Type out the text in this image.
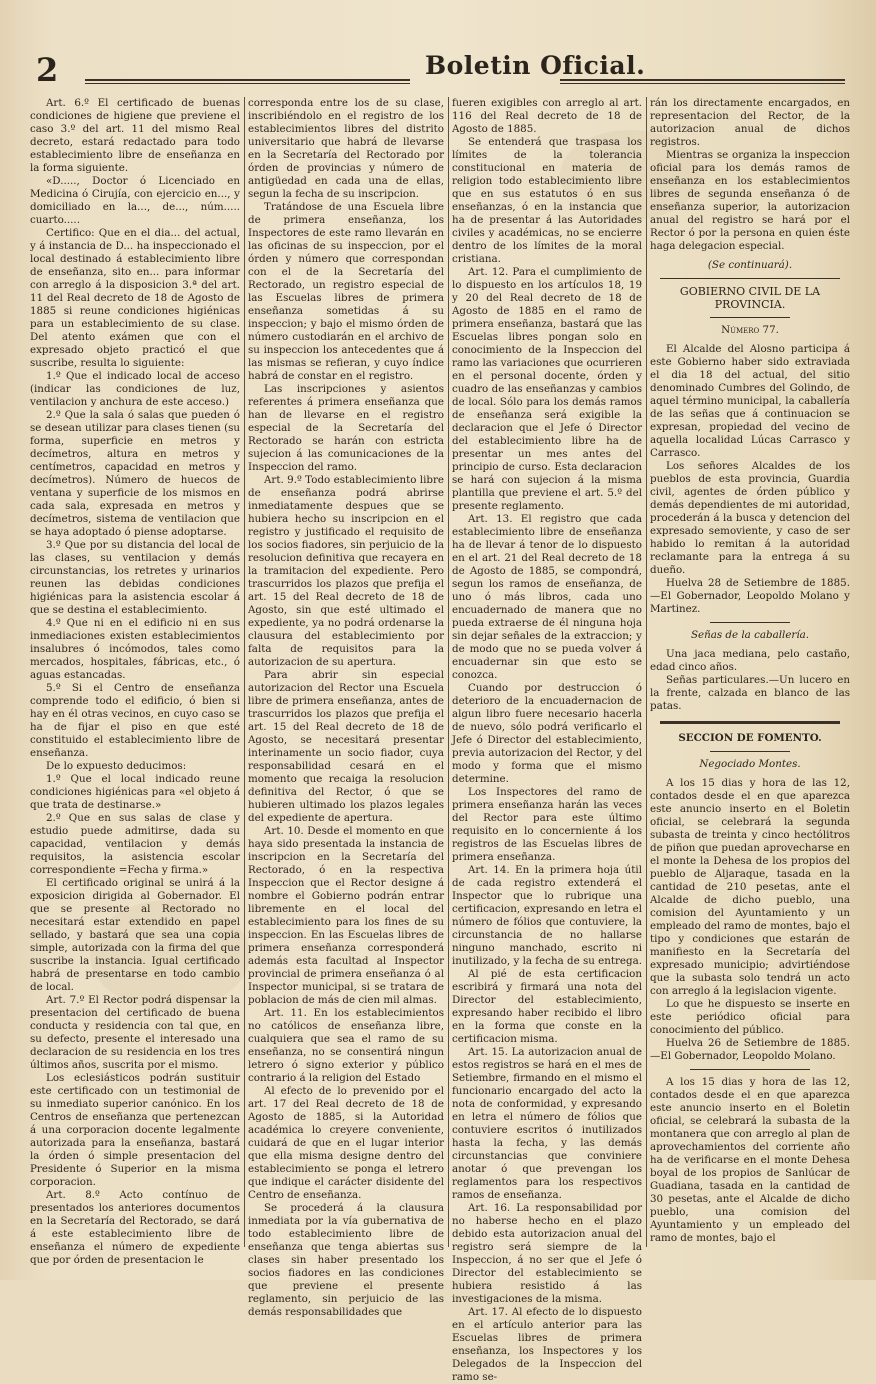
2	Boletin Oficial.

Art. 6.º El certificado de buenas condiciones de higiene que previene el caso 3.º del art. 11 del mismo Real decreto, estará redactado para todo establecimiento libre de enseñanza en la forma siguiente.

«D....., Doctor ó Licenciado en Medicina ó Cirujía, con ejercicio en..., y domiciliado en la..., de..., núm..... cuarto.....

Certifico: Que en el dia... del actual, y á instancia de D... ha inspeccionado el local destinado á establecimiento libre de enseñanza, sito en... para informar con arreglo á la disposicion 3.ª del art. 11 del Real decreto de 18 de Agosto de 1885 si reune condiciones higiénicas para un establecimiento de su clase. Del atento exámen que con el expresado objeto practicó el que suscribe, resulta lo siguiente:

1.º Que el indicado local de acceso (indicar las condiciones de luz, ventilacion y anchura de este acceso.)

2.º Que la sala ó salas que pueden ó se desean utilizar para clases tienen (su forma, superficie en metros y decímetros, altura en metros y centímetros, capacidad en metros y decímetros). Número de huecos de ventana y superficie de los mismos en cada sala, expresada en metros y decímetros, sistema de ventilacion que se haya adoptado ó piense adoptarse.

3.º Que por su distancia del local de las clases, su ventilacion y demás circunstancias, los retretes y urinarios reunen las debidas condiciones higiénicas para la asistencia escolar á que se destina el establecimiento.

4.º Que ni en el edificio ni en sus inmediaciones existen establecimientos insalubres ó incómodos, tales como mercados, hospitales, fábricas, etc., ó aguas estancadas.

5.º Si el Centro de enseñanza comprende todo el edificio, ó bien si hay en él otras vecinos, en cuyo caso se ha de fijar el piso en que esté constituido el establecimiento libre de enseñanza.

De lo expuesto deducimos:

1.º Que el local indicado reune condiciones higiénicas para «el objeto á que trata de destinarse.»

2.º Que en sus salas de clase y estudio puede admitirse, dada su capacidad, ventilacion y demás requisitos, la asistencia escolar correspondiente =Fecha y firma.»

El certificado original se unirá á la exposicion dirigida al Gobernador. El que se presente al Rectorado no necesitará estar extendido en papel sellado, y bastará que sea una copia simple, autorizada con la firma del que suscribe la instancia. Igual certificado habrá de presentarse en todo cambio de local.

Art. 7.º El Rector podrá dispensar la presentacion del certificado de buena conducta y residencia con tal que, en su defecto, presente el interesado una declaracion de su residencia en los tres últimos años, suscrita por el mismo.

Los eclesiásticos podrán sustituir este certificado con un testimonial de su inmediato superior canónico. En los Centros de enseñanza que pertenezcan á una corporacion docente legalmente autorizada para la enseñanza, bastará la órden ó simple presentacion del Presidente ó Superior en la misma corporacion.

Art. 8.º Acto contínuo de presentados los anteriores documentos en la Secretaría del Rectorado, se dará á este establecimiento libre de enseñanza el número de expediente que por órden de presentacion le

corresponda entre los de su clase, inscribiéndolo en el registro de los establecimientos libres del distrito universitario que habrá de llevarse en la Secretaría del Rectorado por órden de provincias y número de antigüedad en cada una de ellas, segun la fecha de su inscripcion.

Tratándose de una Escuela libre de primera enseñanza, los Inspectores de este ramo llevarán en las oficinas de su inspeccion, por el órden y número que correspondan con el de la Secretaría del Rectorado, un registro especial de las Escuelas libres de primera enseñanza sometidas á su inspeccion; y bajo el mismo órden de número custodiarán en el archivo de su inspeccion los antecedentes que á las mismas se refieran, y cuyo índice habrá de constar en el registro.

Las inscripciones y asientos referentes á primera enseñanza que han de llevarse en el registro especial de la Secretaría del Rectorado se harán con estricta sujecion á las comunicaciones de la Inspeccion del ramo.

Art. 9.º Todo establecimiento libre de enseñanza podrá abrirse inmediatamente despues que se hubiera hecho su inscripcion en el registro y justificado el requisito de los socios fiadores, sin perjuicio de la resolucion definitiva que recayera en la tramitacion del expediente. Pero trascurridos los plazos que prefija el art. 15 del Real decreto de 18 de Agosto, sin que esté ultimado el expediente, ya no podrá ordenarse la clausura del establecimiento por falta de requisitos para la autorizacion de su apertura.

Para abrir sin especial autorizacion del Rector una Escuela libre de primera enseñanza, antes de trascurridos los plazos que prefija el art. 15 del Real decreto de 18 de Agosto, se necesitará presentar interinamente un socio fiador, cuya responsabilidad cesará en el momento que recaiga la resolucion definitiva del Rector, ó que se hubieren ultimado los plazos legales del expediente de apertura.

Art. 10. Desde el momento en que haya sido presentada la instancia de inscripcion en la Secretaría del Rectorado, ó en la respectiva Inspeccion que el Rector designe á nombre el Gobierno podrán entrar libremente en el local del establecimiento para los fines de su inspeccion. En las Escuelas libres de primera enseñanza corresponderá además esta facultad al Inspector provincial de primera enseñanza ó al Inspector municipal, si se tratara de poblacion de más de cien mil almas.

Art. 11. En los establecimientos no católicos de enseñanza libre, cualquiera que sea el ramo de su enseñanza, no se consentirá ningun letrero ó signo exterior y público contrario á la religion del Estado

Al efecto de lo prevenido por el art. 17 del Real decreto de 18 de Agosto de 1885, si la Autoridad académica lo creyere conveniente, cuidará de que en el lugar interior que ella misma designe dentro del establecimiento se ponga el letrero que indique el carácter disidente del Centro de enseñanza.

Se procederá á la clausura inmediata por la vía gubernativa de todo establecimiento libre de enseñanza que tenga abiertas sus clases sin haber presentado los socios fiadores en las condiciones que previene el presente reglamento, sin perjuicio de las demás responsabilidades que

fueren exigibles con arreglo al art. 116 del Real decreto de 18 de Agosto de 1885.

Se entenderá que traspasa los límites de la tolerancia constitucional en materia de religion todo establecimiento libre que en sus estatutos ó en sus enseñanzas, ó en la instancia que ha de presentar á las Autoridades civiles y académicas, no se encierre dentro de los límites de la moral cristiana.

Art. 12. Para el cumplimiento de lo dispuesto en los artículos 18, 19 y 20 del Real decreto de 18 de Agosto de 1885 en el ramo de primera enseñanza, bastará que las Escuelas libres pongan solo en conocimiento de la Inspeccion del ramo las variaciones que ocurrieren en el personal docente, órden y cuadro de las enseñanzas y cambios de local. Sólo para los demás ramos de enseñanza será exigible la declaracion que el Jefe ó Director del establecimiento libre ha de presentar un mes antes del principio de curso. Esta declaracion se hará con sujecion á la misma plantilla que previene el art. 5.º del presente reglamento.

Art. 13. El registro que cada establecimiento libre de enseñanza ha de llevar á tenor de lo dispuesto en el art. 21 del Real decreto de 18 de Agosto de 1885, se compondrá, segun los ramos de enseñanza, de uno ó más libros, cada uno encuadernado de manera que no pueda extraerse de él ninguna hoja sin dejar señales de la extraccion; y de modo que no se pueda volver á encuadernar sin que esto se conozca.

Cuando por destruccion ó deterioro de la encuadernacion de algun libro fuere necesario hacerla de nuevo, sólo podrá verificarlo el Jefe ó Director del establecimiento, previa autorizacion del Rector, y del modo y forma que el mismo determine.

Los Inspectores del ramo de primera enseñanza harán las veces del Rector para este último requisito en lo concerniente á los registros de las Escuelas libres de primera enseñanza.

Art. 14. En la primera hoja útil de cada registro extenderá el Inspector que lo rubrique una certificacion, expresando en letra el número de fólios que contuviere, la circunstancia de no hallarse ninguno manchado, escrito ni inutilizado, y la fecha de su entrega.

Al pié de esta certificacion escribirá y firmará una nota del Director del establecimiento, expresando haber recibido el libro en la forma que conste en la certificacion misma.

Art. 15. La autorizacion anual de estos registros se hará en el mes de Setiembre, firmando en el mismo el funcionario encargado del acto la nota de conformidad, y expresando en letra el número de fólios que contuviere escritos ó inutilizados hasta la fecha, y las demás circunstancias que conviniere anotar ó que prevengan los reglamentos para los respectivos ramos de enseñanza.

Art. 16. La responsabilidad por no haberse hecho en el plazo debido esta autorizacion anual del registro será siempre de la Inspeccion, á no ser que el Jefe ó Director del establecimiento se hubiera resistido á las investigaciones de la misma.

Art. 17. Al efecto de lo dispuesto en el artículo anterior para las Escuelas libres de primera enseñanza, los Inspectores y los Delegados de la Inspeccion del ramo se-

rán los directamente encargados, en representacion del Rector, de la autorizacion anual de dichos registros.

Mientras se organiza la inspeccion oficial para los demás ramos de enseñanza en los establecimientos libres de segunda enseñanza ó de enseñanza superior, la autorizacion anual del registro se hará por el Rector ó por la persona en quien éste haga delegacion especial.

(Se continuará).

GOBIERNO CIVIL DE LA PROVINCIA.

Número 77.

El Alcalde del Alosno participa á este Gobierno haber sido extraviada el dia 18 del actual, del sitio denominado Cumbres del Golindo, de aquel término municipal, la caballería de las señas que á continuacion se expresan, propiedad del vecino de aquella localidad Lúcas Carrasco y Carrasco.

Los señores Alcaldes de los pueblos de esta provincia, Guardia civil, agentes de órden público y demás dependientes de mi autoridad, procederán á la busca y detencion del expresado semoviente, y caso de ser habido lo remitan á la autoridad reclamante para la entrega á su dueño.

Huelva 28 de Setiembre de 1885. —El Gobernador, Leopoldo Molano y Martinez.

Señas de la caballería.

Una jaca mediana, pelo castaño, edad cinco años.

Señas particulares.—Un lucero en la frente, calzada en blanco de las patas.

SECCION DE FOMENTO.

Negociado Montes.

A los 15 dias y hora de las 12, contados desde el en que aparezca este anuncio inserto en el Boletin oficial, se celebrará la segunda subasta de treinta y cinco hectólitros de piñon que puedan aprovecharse en el monte la Dehesa de los propios del pueblo de Aljaraque, tasada en la cantidad de 210 pesetas, ante el Alcalde de dicho pueblo, una comision del Ayuntamiento y un empleado del ramo de montes, bajo el tipo y condiciones que estarán de manifiesto en la Secretaría del expresado municipio; advirtiéndose que la subasta solo tendrá un acto con arreglo á la legislacion vigente.

Lo que he dispuesto se inserte en este periódico oficial para conocimiento del público.

Huelva 26 de Setiembre de 1885. —El Gobernador, Leopoldo Molano.

A los 15 dias y hora de las 12, contados desde el en que aparezca este anuncio inserto en el Boletin oficial, se celebrará la subasta de la montanera que con arreglo al plan de aprovechamientos del corriente año ha de verificarse en el monte Dehesa boyal de los propios de Sanlúcar de Guadiana, tasada en la cantidad de 30 pesetas, ante el Alcalde de dicho pueblo, una comision del Ayuntamiento y un empleado del ramo de montes, bajo el
